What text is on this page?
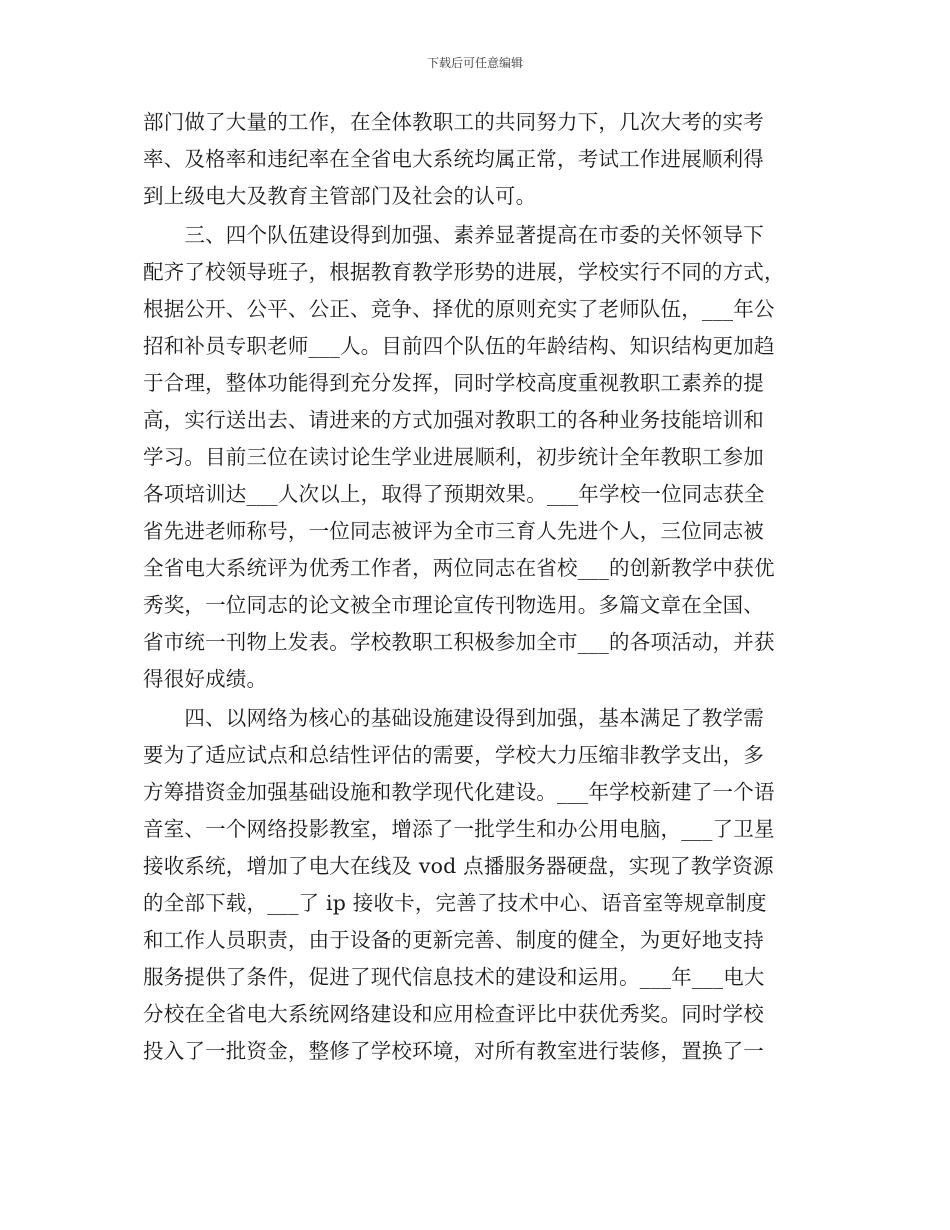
下载后可任意编辑
部门做了大量的工作，在全体教职工的共同努力下，几次大考的实考
率、及格率和违纪率在全省电大系统均属正常，考试工作进展顺利得
到上级电大及教育主管部门及社会的认可。
　　三、四个队伍建设得到加强、素养显著提高在市委的关怀领导下
配齐了校领导班子，根据教育教学形势的进展，学校实行不同的方式，
根据公开、公平、公正、竞争、择优的原则充实了老师队伍，___年公
招和补员专职老师___人。目前四个队伍的年龄结构、知识结构更加趋
于合理，整体功能得到充分发挥，同时学校高度重视教职工素养的提
高，实行送出去、请进来的方式加强对教职工的各种业务技能培训和
学习。目前三位在读讨论生学业进展顺利，初步统计全年教职工参加
各项培训达___人次以上，取得了预期效果。___年学校一位同志获全
省先进老师称号，一位同志被评为全市三育人先进个人，三位同志被
全省电大系统评为优秀工作者，两位同志在省校___的创新教学中获优
秀奖，一位同志的论文被全市理论宣传刊物选用。多篇文章在全国、
省市统一刊物上发表。学校教职工积极参加全市___的各项活动，并获
得很好成绩。
　　四、以网络为核心的基础设施建设得到加强，基本满足了教学需
要为了适应试点和总结性评估的需要，学校大力压缩非教学支出，多
方筹措资金加强基础设施和教学现代化建设。___年学校新建了一个语
音室、一个网络投影教室，增添了一批学生和办公用电脑，___了卫星
接收系统，增加了电大在线及 vod 点播服务器硬盘，实现了教学资源
的全部下载，___了 ip 接收卡，完善了技术中心、语音室等规章制度
和工作人员职责，由于设备的更新完善、制度的健全，为更好地支持
服务提供了条件，促进了现代信息技术的建设和运用。___年___电大
分校在全省电大系统网络建设和应用检查评比中获优秀奖。同时学校
投入了一批资金，整修了学校环境，对所有教室进行装修，置换了一
